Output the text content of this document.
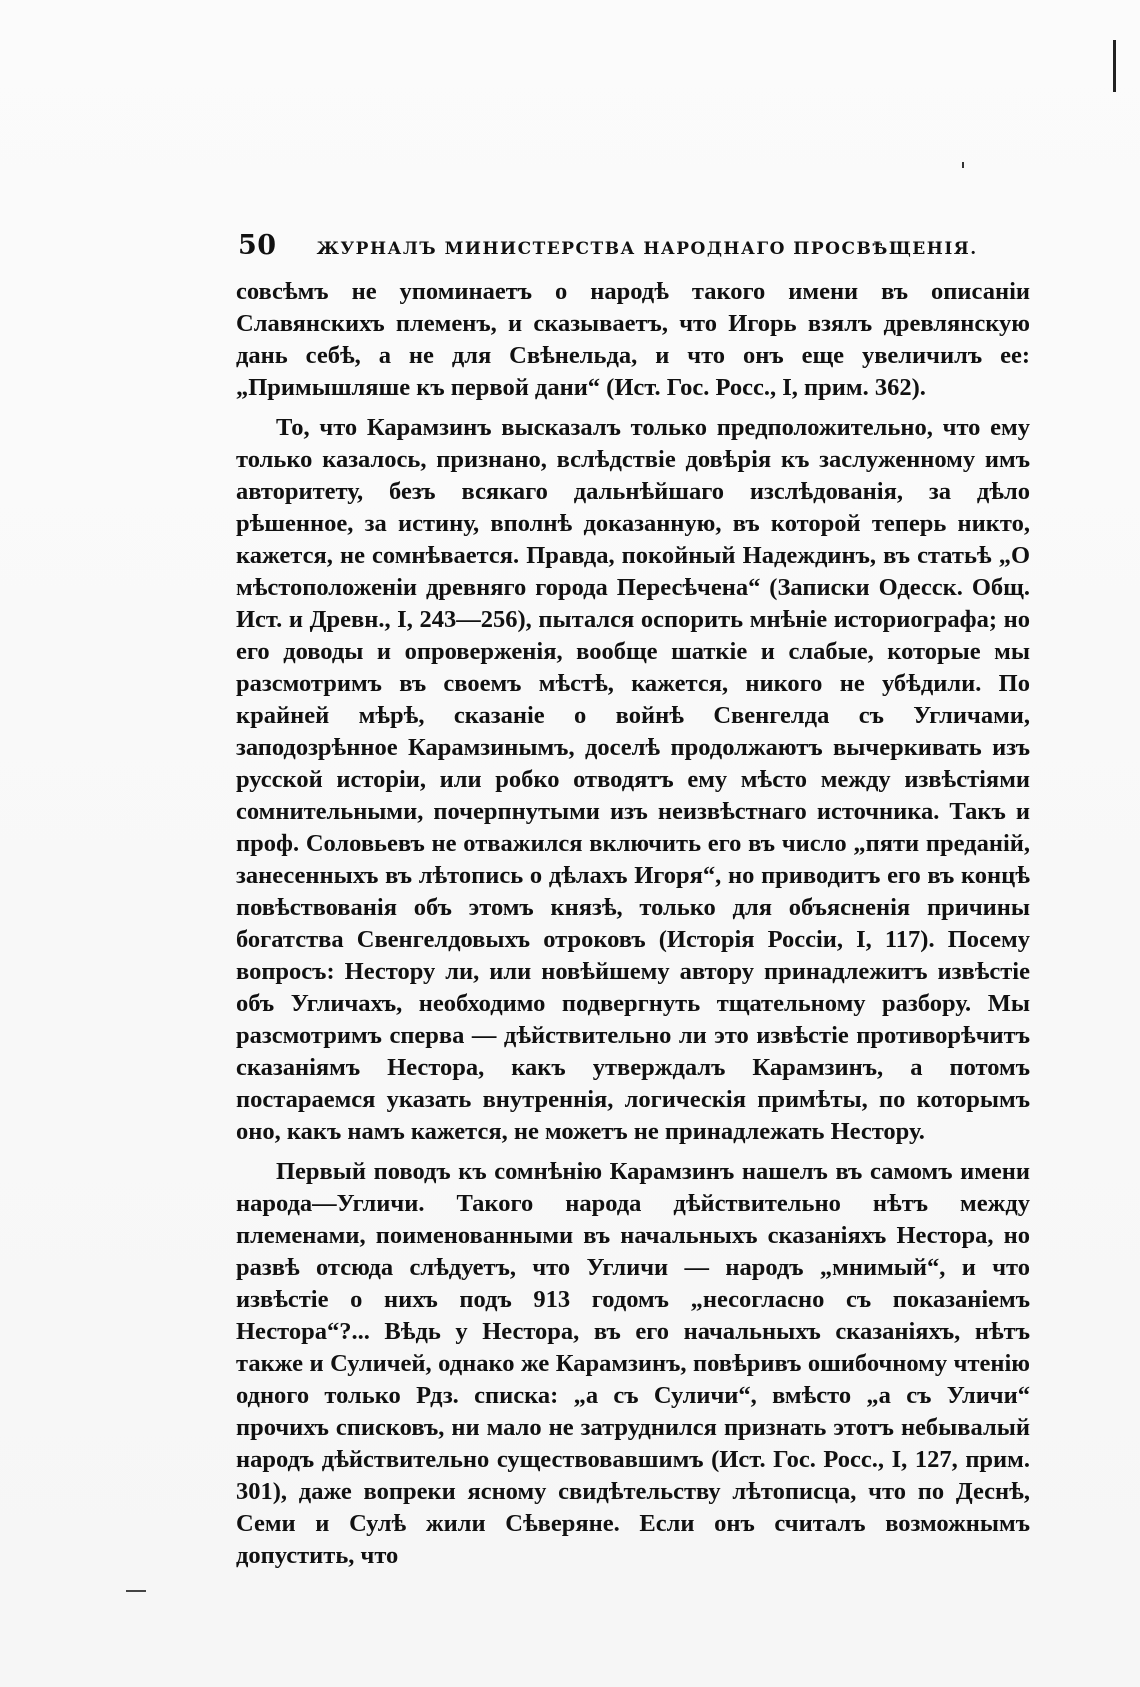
50 ЖУРНАЛЪ МИНИСТЕРСТВА НАРОДНАГО ПРОСВѢЩЕНІЯ.

совсѣмъ не упоминаетъ о народѣ такого имени въ описаніи Славянскихъ племенъ, и сказываетъ, что Игорь взялъ древлянскую дань себѣ, а не для Свѣнельда, и что онъ еще увеличилъ ее: „Примышляше къ первой дани“ (Ист. Гос. Росс., I, прим. 362).

То, что Карамзинъ высказалъ только предположительно, что ему только казалось, признано, вслѣдствіе довѣрія къ заслуженному имъ авторитету, безъ всякаго дальнѣйшаго изслѣдованія, за дѣло рѣшенное, за истину, вполнѣ доказанную, въ которой теперь никто, кажется, не сомнѣвается. Правда, покойный Надеждинъ, въ статьѣ „О мѣстоположеніи древняго города Пересѣчена“ (Записки Одесск. Общ. Ист. и Древн., I, 243—256), пытался оспорить мнѣніе историографа; но его доводы и опроверженія, вообще шаткіе и слабые, которые мы разсмотримъ въ своемъ мѣстѣ, кажется, никого не убѣдили. По крайней мѣрѣ, сказаніе о войнѣ Свенгелда съ Угличами, заподозрѣнное Карамзинымъ, доселѣ продолжаютъ вычеркивать изъ русской исторіи, или робко отводятъ ему мѣсто между извѣстіями сомнительными, почерпнутыми изъ неизвѣстнаго источника. Такъ и проф. Соловьевъ не отважился включить его въ число „пяти преданій, занесенныхъ въ лѣтопись о дѣлахъ Игоря“, но приводитъ его въ концѣ повѣствованія объ этомъ князѣ, только для объясненія причины богатства Свенгелдовыхъ отроковъ (Исторія Россіи, I, 117). Посему вопросъ: Нестору ли, или новѣйшему автору принадлежитъ извѣстіе объ Угличахъ, необходимо подвергнуть тщательному разбору. Мы разсмотримъ сперва — дѣйствительно ли это извѣстіе противорѣчитъ сказаніямъ Нестора, какъ утверждалъ Карамзинъ, а потомъ постараемся указать внутреннія, логическія примѣты, по которымъ оно, какъ намъ кажется, не можетъ не принадлежать Нестору.

Первый поводъ къ сомнѣнію Карамзинъ нашелъ въ самомъ имени народа—Угличи. Такого народа дѣйствительно нѣтъ между племенами, поименованными въ начальныхъ сказаніяхъ Нестора, но развѣ отсюда слѣдуетъ, что Угличи — народъ „мнимый“, и что извѣстіе о нихъ подъ 913 годомъ „несогласно съ показаніемъ Нестора“?... Вѣдь у Нестора, въ его начальныхъ сказаніяхъ, нѣтъ также и Суличей, однако же Карамзинъ, повѣривъ ошибочному чтенію одного только Рдз. списка: „а съ Суличи“, вмѣсто „а съ Уличи“ прочихъ списковъ, ни мало не затруднился признать этотъ небывалый народъ дѣйствительно существовавшимъ (Ист. Гос. Росс., I, 127, прим. 301), даже вопреки ясному свидѣтельству лѣтописца, что по Деснѣ, Семи и Сулѣ жили Сѣверяне. Если онъ считалъ возможнымъ допустить, что
